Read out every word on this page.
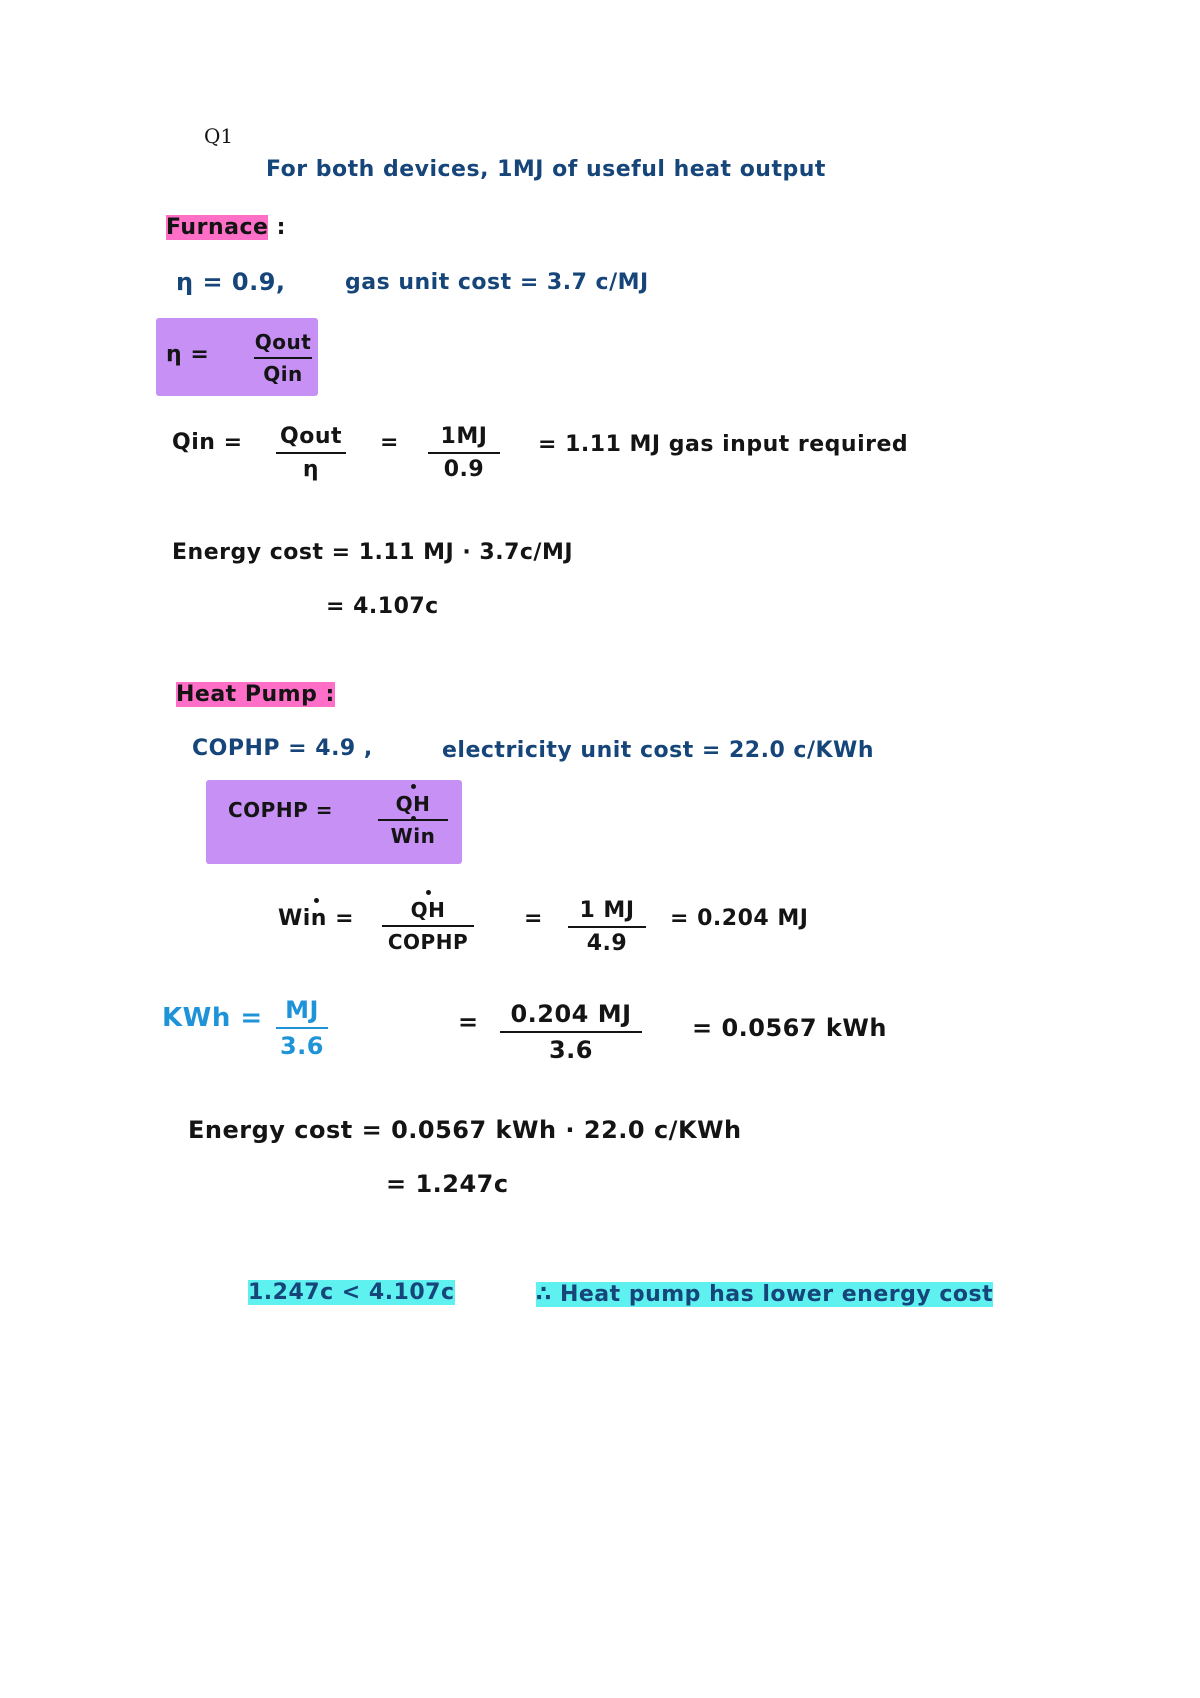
Q1
For both devices, 1MJ of useful heat output
Furnace :
η = 0.9,	gas unit cost = 3.7 c/MJ
η = Qout
Qin
Qin = Qout
η
= 1MJ
0.9
= 1.11 MJ gas input required
Energy cost = 1.11 MJ · 3.7c/MJ
= 4.107c
Heat Pump :
COPHP = 4.9 ,	electricity unit cost = 22.0 c/KWh
COPHP =	QH
Win
Win =	QH
COPHP
= 1 MJ
4.9
= 0.204 MJ
KWh = MJ
3.6
= 0.204 MJ
3.6
= 0.0567 kWh
Energy cost = 0.0567 kWh · 22.0 c/KWh
= 1.247c
1.247c < 4.107c	∴ Heat pump has lower energy cost
